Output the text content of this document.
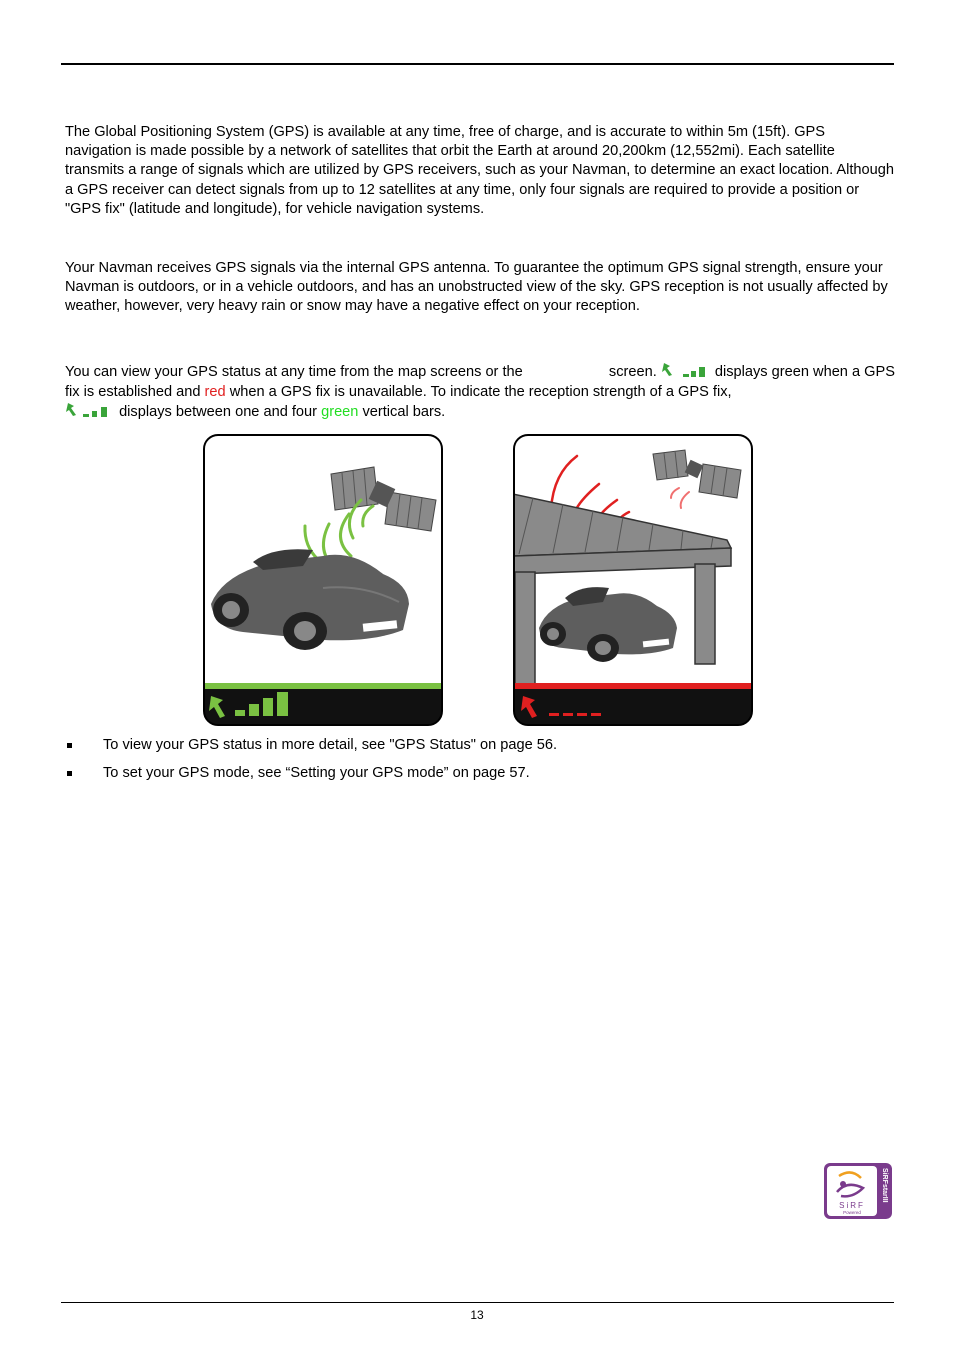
The Global Positioning System (GPS) is available at any time, free of charge, and is accurate to within 5m (15ft). GPS navigation is made possible by a network of satellites that orbit the Earth at around 20,200km (12,552mi). Each satellite transmits a range of signals which are utilized by GPS receivers, such as your Navman, to determine an exact location. Although a GPS receiver can detect signals from up to 12 satellites at any time, only four signals are required to provide a position or "GPS fix" (latitude and longitude), for vehicle navigation systems.

Your Navman receives GPS signals via the internal GPS antenna. To guarantee the optimum GPS signal strength, ensure your Navman is outdoors, or in a vehicle outdoors, and has an unobstructed view of the sky. GPS reception is not usually affected by weather, however, very heavy rain or snow may have a negative effect on your reception.

You can view your GPS status at any time from the map screens or the	screen.	displays green when a GPS fix is established and red when a GPS fix is unavailable. To indicate the reception strength of a GPS fix,
displays between one and four green vertical bars.

To view your GPS status in more detail, see "GPS Status" on page 56.
To set your GPS mode, see “Setting your GPS mode” on page 57.
SiRF
Powered
SiRFstarIII
13
